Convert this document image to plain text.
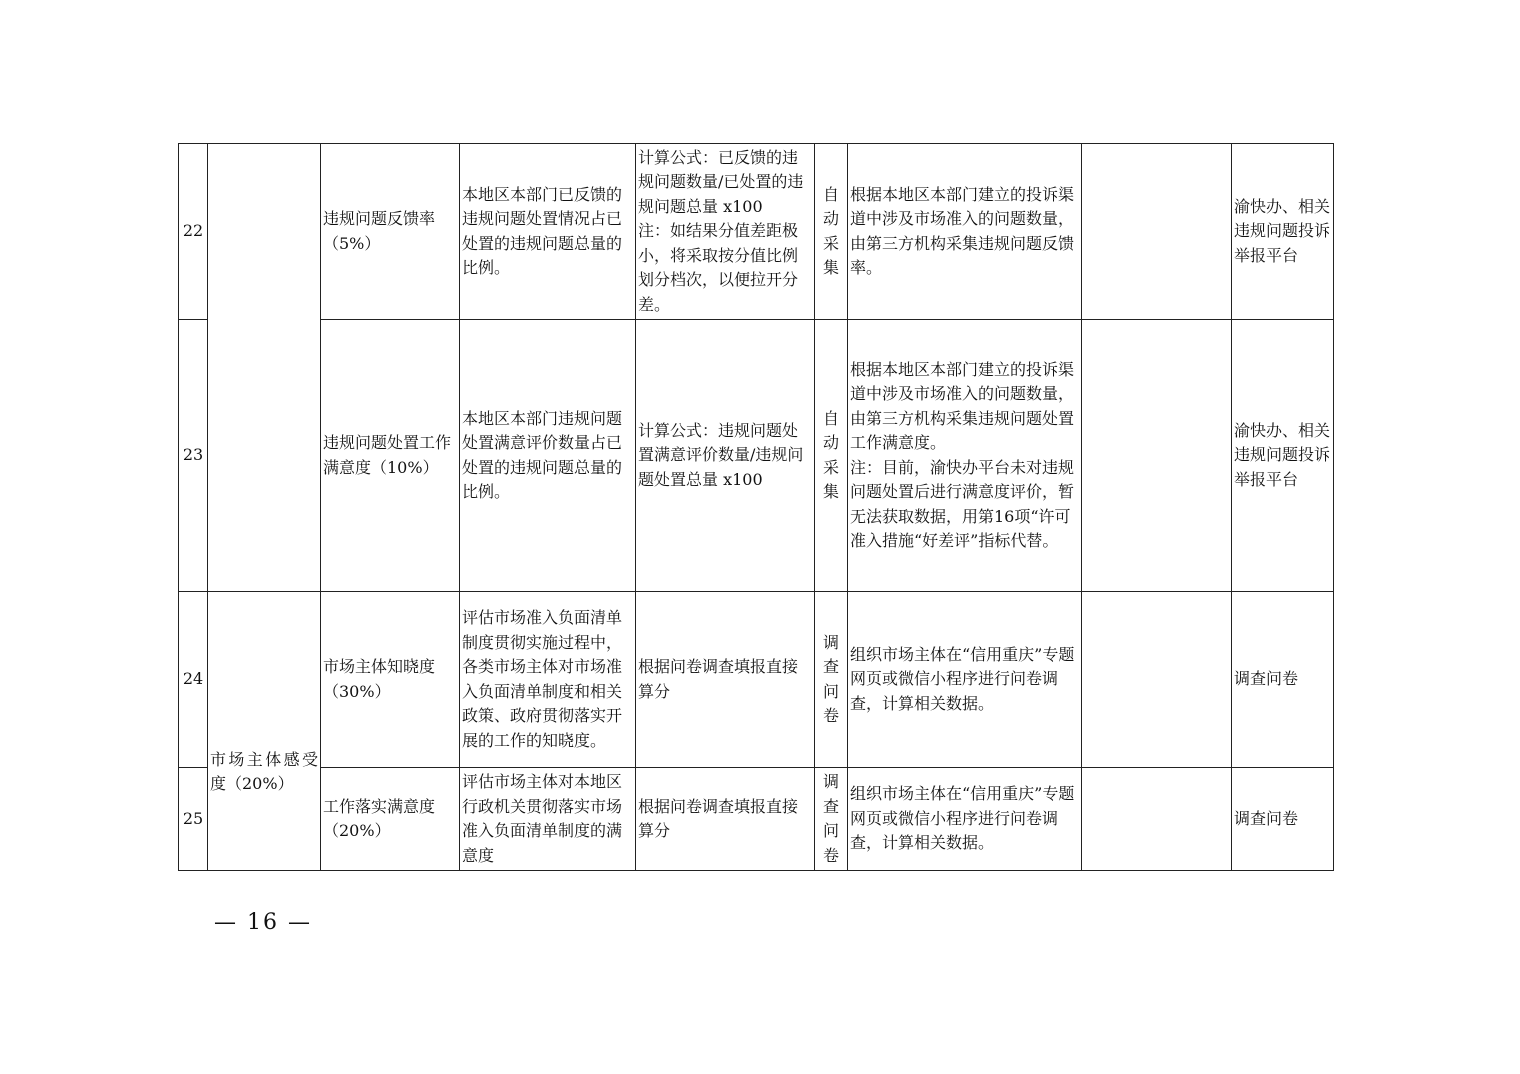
22		违规问题反馈率（5%）	本地区本部门已反馈的违规问题处置情况占已处置的违规问题总量的比例。	计算公式：已反馈的违规问题数量/已处置的违规问题总量 x100
注：如结果分值差距极小，将采取按分值比例划分档次，以便拉开分差。	自动采集	根据本地区本部门建立的投诉渠道中涉及市场准入的问题数量，由第三方机构采集违规问题反馈率。		渝快办、相关违规问题投诉举报平台
23		违规问题处置工作满意度（10%）	本地区本部门违规问题处置满意评价数量占已处置的违规问题总量的比例。	计算公式：违规问题处置满意评价数量/违规问题处置总量 x100	自动采集	根据本地区本部门建立的投诉渠道中涉及市场准入的问题数量，由第三方机构采集违规问题处置工作满意度。
注：目前，渝快办平台未对违规问题处置后进行满意度评价，暂无法获取数据，用第16项“许可准入措施“好差评”指标代替。		渝快办、相关违规问题投诉举报平台
24	市场主体感受度（20%）	市场主体知晓度（30%）	评估市场准入负面清单制度贯彻实施过程中，各类市场主体对市场准入负面清单制度和相关政策、政府贯彻落实开展的工作的知晓度。	根据问卷调查填报直接算分	调查问卷	组织市场主体在“信用重庆”专题网页或微信小程序进行问卷调查，计算相关数据。		调查问卷
25		工作落实满意度（20%）	评估市场主体对本地区行政机关贯彻落实市场准入负面清单制度的满意度	根据问卷调查填报直接算分	调查问卷	组织市场主体在“信用重庆”专题网页或微信小程序进行问卷调查，计算相关数据。		调查问卷
— 16 —
